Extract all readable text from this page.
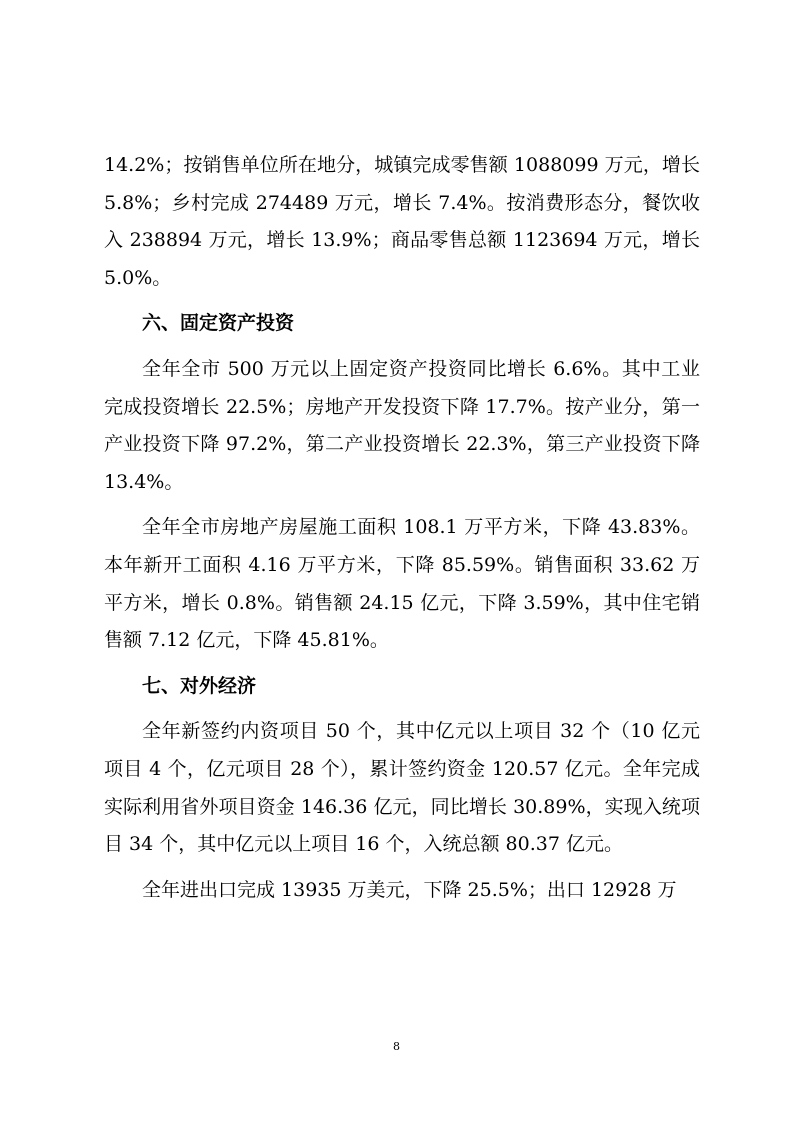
14.2%；按销售单位所在地分，城镇完成零售额 1088099 万元，增长 5.8%；乡村完成 274489 万元，增长 7.4%。按消费形态分，餐饮收入 238894 万元，增长 13.9%；商品零售总额 1123694 万元，增长 5.0%。

六、固定资产投资

全年全市 500 万元以上固定资产投资同比增长 6.6%。其中工业完成投资增长 22.5%；房地产开发投资下降 17.7%。按产业分，第一产业投资下降 97.2%，第二产业投资增长 22.3%，第三产业投资下降 13.4%。

全年全市房地产房屋施工面积 108.1 万平方米，下降 43.83%。本年新开工面积 4.16 万平方米，下降 85.59%。销售面积 33.62 万平方米，增长 0.8%。销售额 24.15 亿元，下降 3.59%，其中住宅销售额 7.12 亿元，下降 45.81%。

七、对外经济

全年新签约内资项目 50 个，其中亿元以上项目 32 个（10 亿元项目 4 个，亿元项目 28 个），累计签约资金 120.57 亿元。全年完成实际利用省外项目资金 146.36 亿元，同比增长 30.89%，实现入统项目 34 个，其中亿元以上项目 16 个，入统总额 80.37 亿元。

全年进出口完成 13935 万美元，下降 25.5%；出口 12928 万

8
